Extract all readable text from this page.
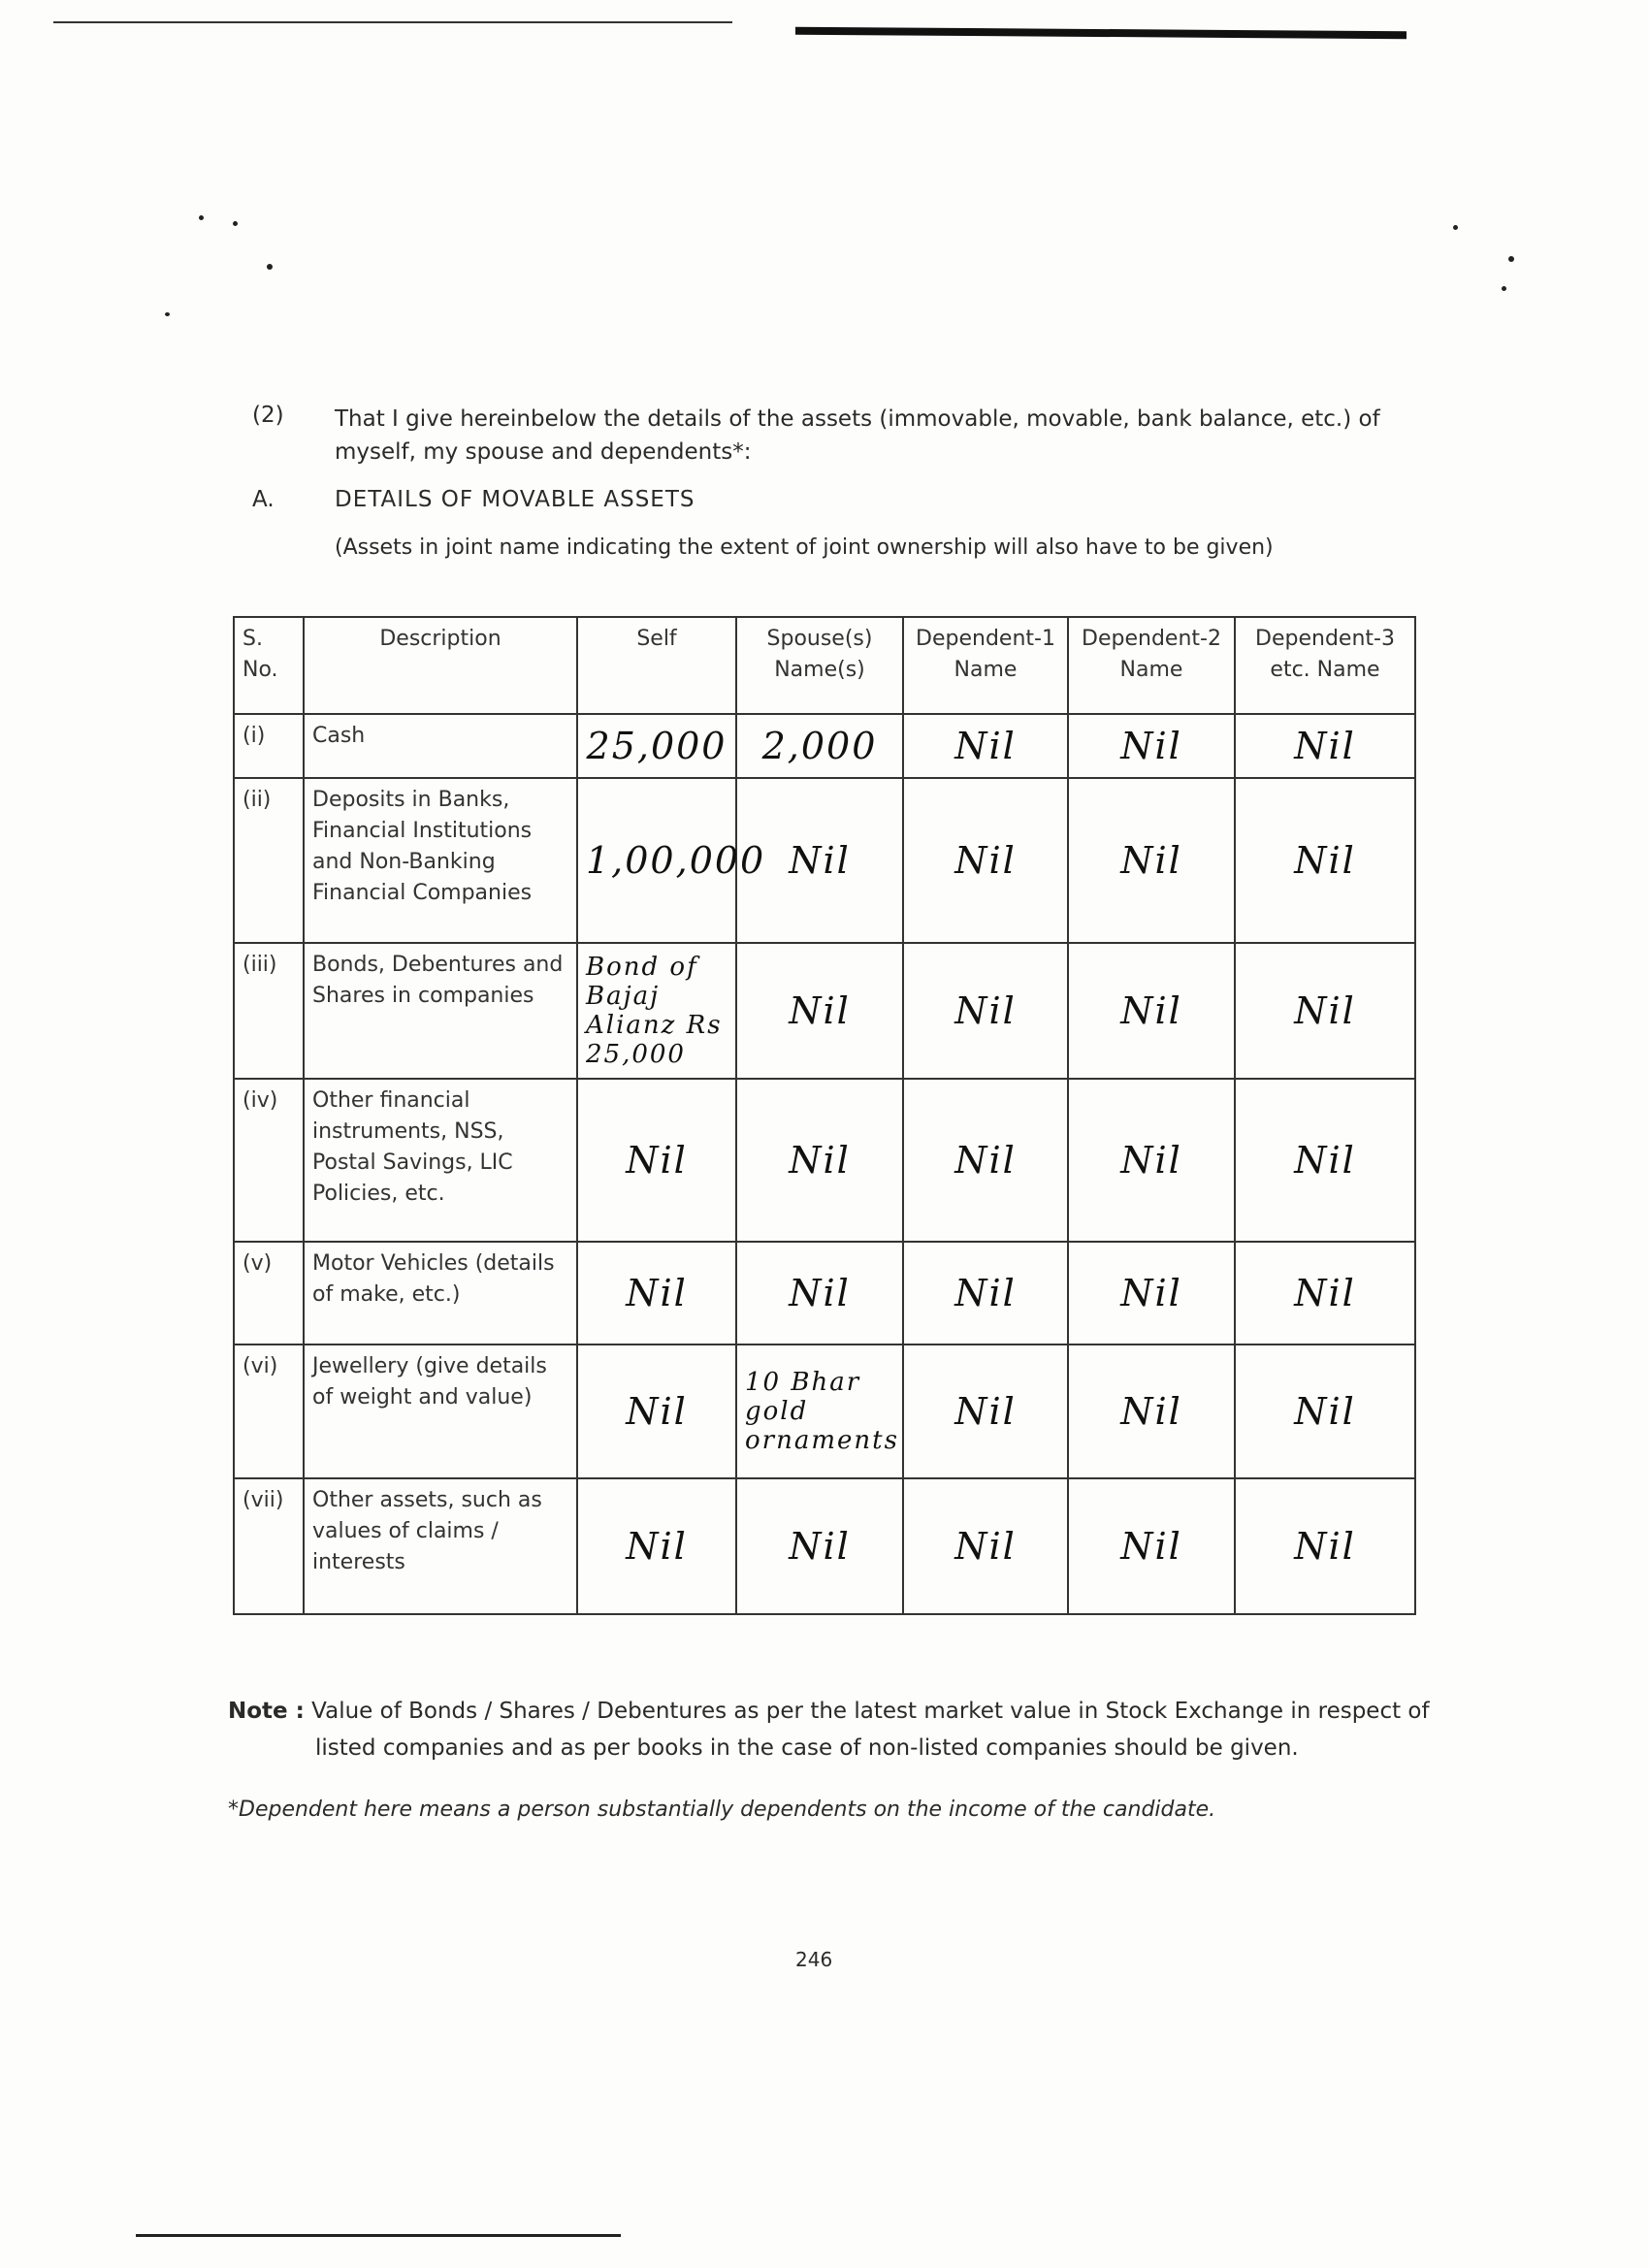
(2) That I give hereinbelow the details of the assets (immovable, movable, bank balance, etc.) of myself, my spouse and dependents*:
A.	DETAILS OF MOVABLE ASSETS
(Assets in joint name indicating the extent of joint ownership will also have to be given)
S. No.	Description	Self	Spouse(s) Name(s)	Dependent-1 Name	Dependent-2 Name	Dependent-3 etc. Name
(i)	Cash	25,000	2,000	Nil	Nil	Nil
(ii)	Deposits in Banks, Financial Institutions and Non-Banking Financial Companies	1,00,000	Nil	Nil	Nil	Nil
(iii)	Bonds, Debentures and Shares in companies	Bond of Bajaj Alianz Rs 25,000	Nil	Nil	Nil	Nil
(iv)	Other financial instruments, NSS, Postal Savings, LIC Policies, etc.	Nil	Nil	Nil	Nil	Nil
(v)	Motor Vehicles (details of make, etc.)	Nil	Nil	Nil	Nil	Nil
(vi)	Jewellery (give details of weight and value)	Nil	10 Bhar gold ornaments	Nil	Nil	Nil
(vii)	Other assets, such as values of claims / interests	Nil	Nil	Nil	Nil	Nil
Note : Value of Bonds / Shares / Debentures as per the latest market value in Stock Exchange in respect of listed companies and as per books in the case of non-listed companies should be given.
*Dependent here means a person substantially dependents on the income of the candidate.
246
